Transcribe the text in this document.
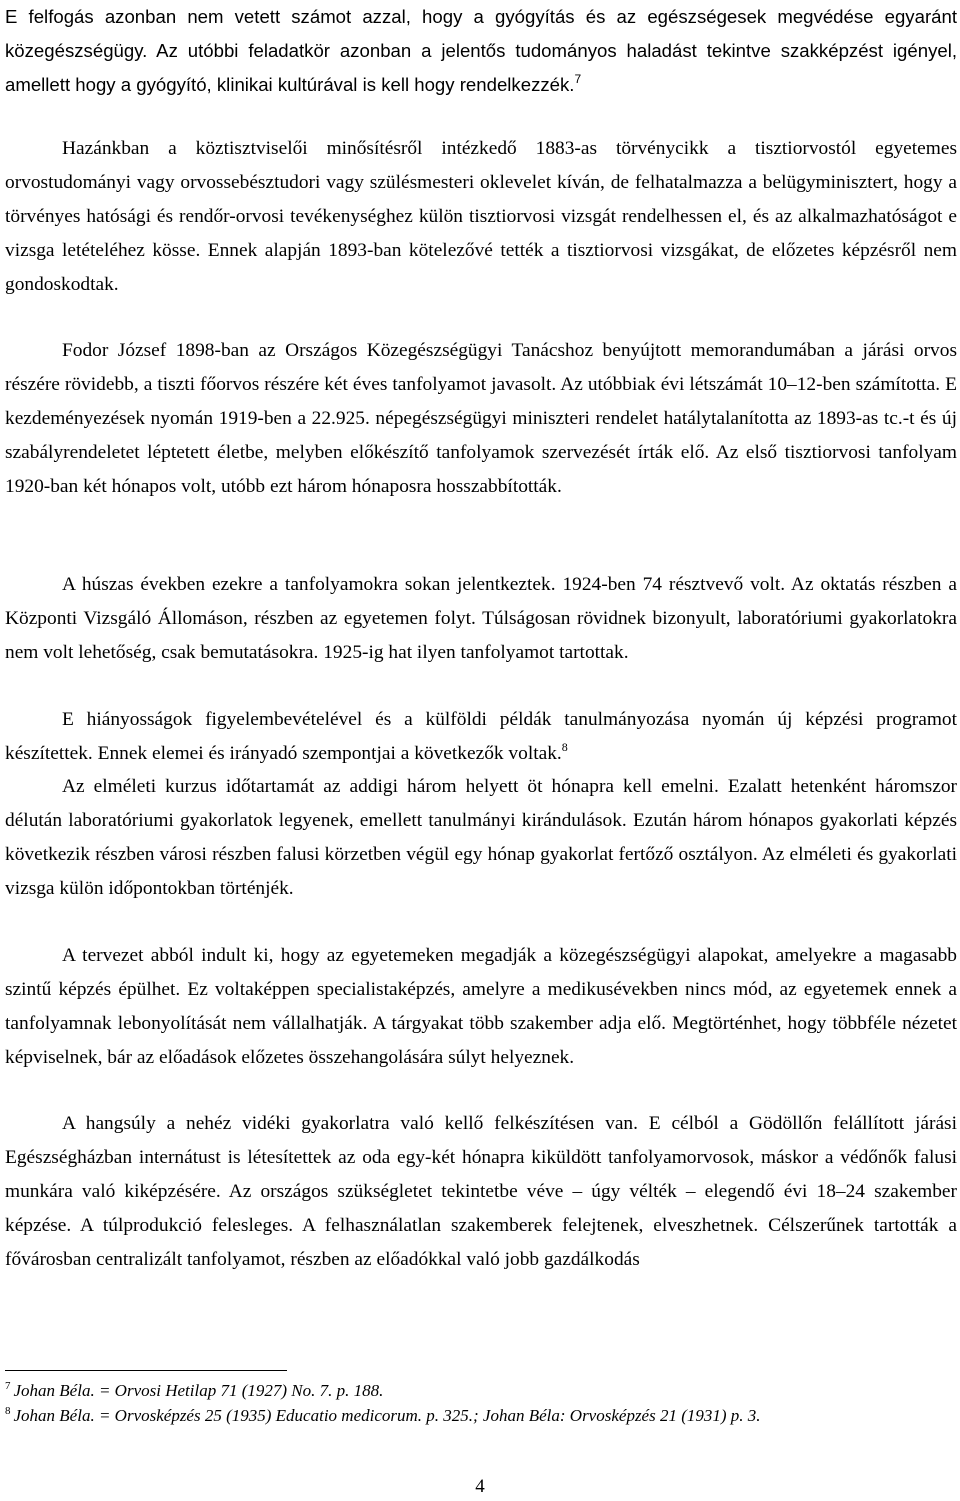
E felfogás azonban nem vetett számot azzal, hogy a gyógyítás és az egészségesek megvédése egyaránt közegészségügy. Az utóbbi feladatkör azonban a jelentős tudományos haladást tekintve szakképzést igényel, amellett hogy a gyógyító, klinikai kultúrával is kell hogy rendelkezzék.$^7$

Hazánkban a köztisztviselői minősítésről intézkedő 1883-as törvénycikk a tisztiorvostól egyetemes orvostudományi vagy orvossebésztudori vagy szülésmesteri oklevelet kíván, de felhatalmazza a belügyminisztert, hogy a törvényes hatósági és rendőr-orvosi tevékenységhez külön tisztiorvosi vizsgát rendelhessen el, és az alkalmazhatóságot e vizsga letételéhez kösse. Ennek alapján 1893-ban kötelezővé tették a tisztiorvosi vizsgákat, de előzetes képzésről nem gondoskodtak.

Fodor József 1898-ban az Országos Közegészségügyi Tanácshoz benyújtott memorandumában a járási orvos részére rövidebb, a tiszti főorvos részére két éves tanfolyamot javasolt. Az utóbbiak évi létszámát 10–12-ben számította. E kezdeményezések nyomán 1919-ben a 22.925. népegészségügyi miniszteri rendelet hatálytalanította az 1893-as tc.-t és új szabályrendeletet léptetett életbe, melyben előkészítő tanfolyamok szervezését írták elő. Az első tisztiorvosi tanfolyam 1920-ban két hónapos volt, utóbb ezt három hónaposra hosszabbították.

A húszas években ezekre a tanfolyamokra sokan jelentkeztek. 1924-ben 74 résztvevő volt. Az oktatás részben a Központi Vizsgáló Állomáson, részben az egyetemen folyt. Túlságosan rövidnek bizonyult, laboratóriumi gyakorlatokra nem volt lehetőség, csak bemutatásokra. 1925-ig hat ilyen tanfolyamot tartottak.

E hiányosságok figyelembevételével és a külföldi példák tanulmányozása nyomán új képzési programot készítettek. Ennek elemei és irányadó szempontjai a következők voltak.$^8$

Az elméleti kurzus időtartamát az addigi három helyett öt hónapra kell emelni. Ezalatt hetenként háromszor délután laboratóriumi gyakorlatok legyenek, emellett tanulmányi kirándulások. Ezután három hónapos gyakorlati képzés következik részben városi részben falusi körzetben végül egy hónap gyakorlat fertőző osztályon. Az elméleti és gyakorlati vizsga külön időpontokban történjék.

A tervezet abból indult ki, hogy az egyetemeken megadják a közegészségügyi alapokat, amelyekre a magasabb szintű képzés épülhet. Ez voltaképpen specialistaképzés, amelyre a medikusévekben nincs mód, az egyetemek ennek a tanfolyamnak lebonyolítását nem vállalhatják. A tárgyakat több szakember adja elő. Megtörténhet, hogy többféle nézetet képviselnek, bár az előadások előzetes összehangolására súlyt helyeznek.

A hangsúly a nehéz vidéki gyakorlatra való kellő felkészítésen van. E célból a Gödöllőn felállított járási Egészségházban internátust is létesítettek az oda egy-két hónapra kiküldött tanfolyamorvosok, máskor a védőnők falusi munkára való kiképzésére. Az országos szükségletet tekintetbe véve – úgy vélték – elegendő évi 18–24 szakember képzése. A túlprodukció felesleges. A felhasználatlan szakemberek felejtenek, elveszhetnek. Célszerűnek tartották a fővárosban centralizált tanfolyamot, részben az előadókkal való jobb gazdálkodás

$^7$ Johan Béla. = Orvosi Hetilap 71 (1927) No. 7. p. 188.
$^8$ Johan Béla. = Orvosképzés 25 (1935) Educatio medicorum. p. 325.; Johan Béla: Orvosképzés 21 (1931) p. 3.
4
